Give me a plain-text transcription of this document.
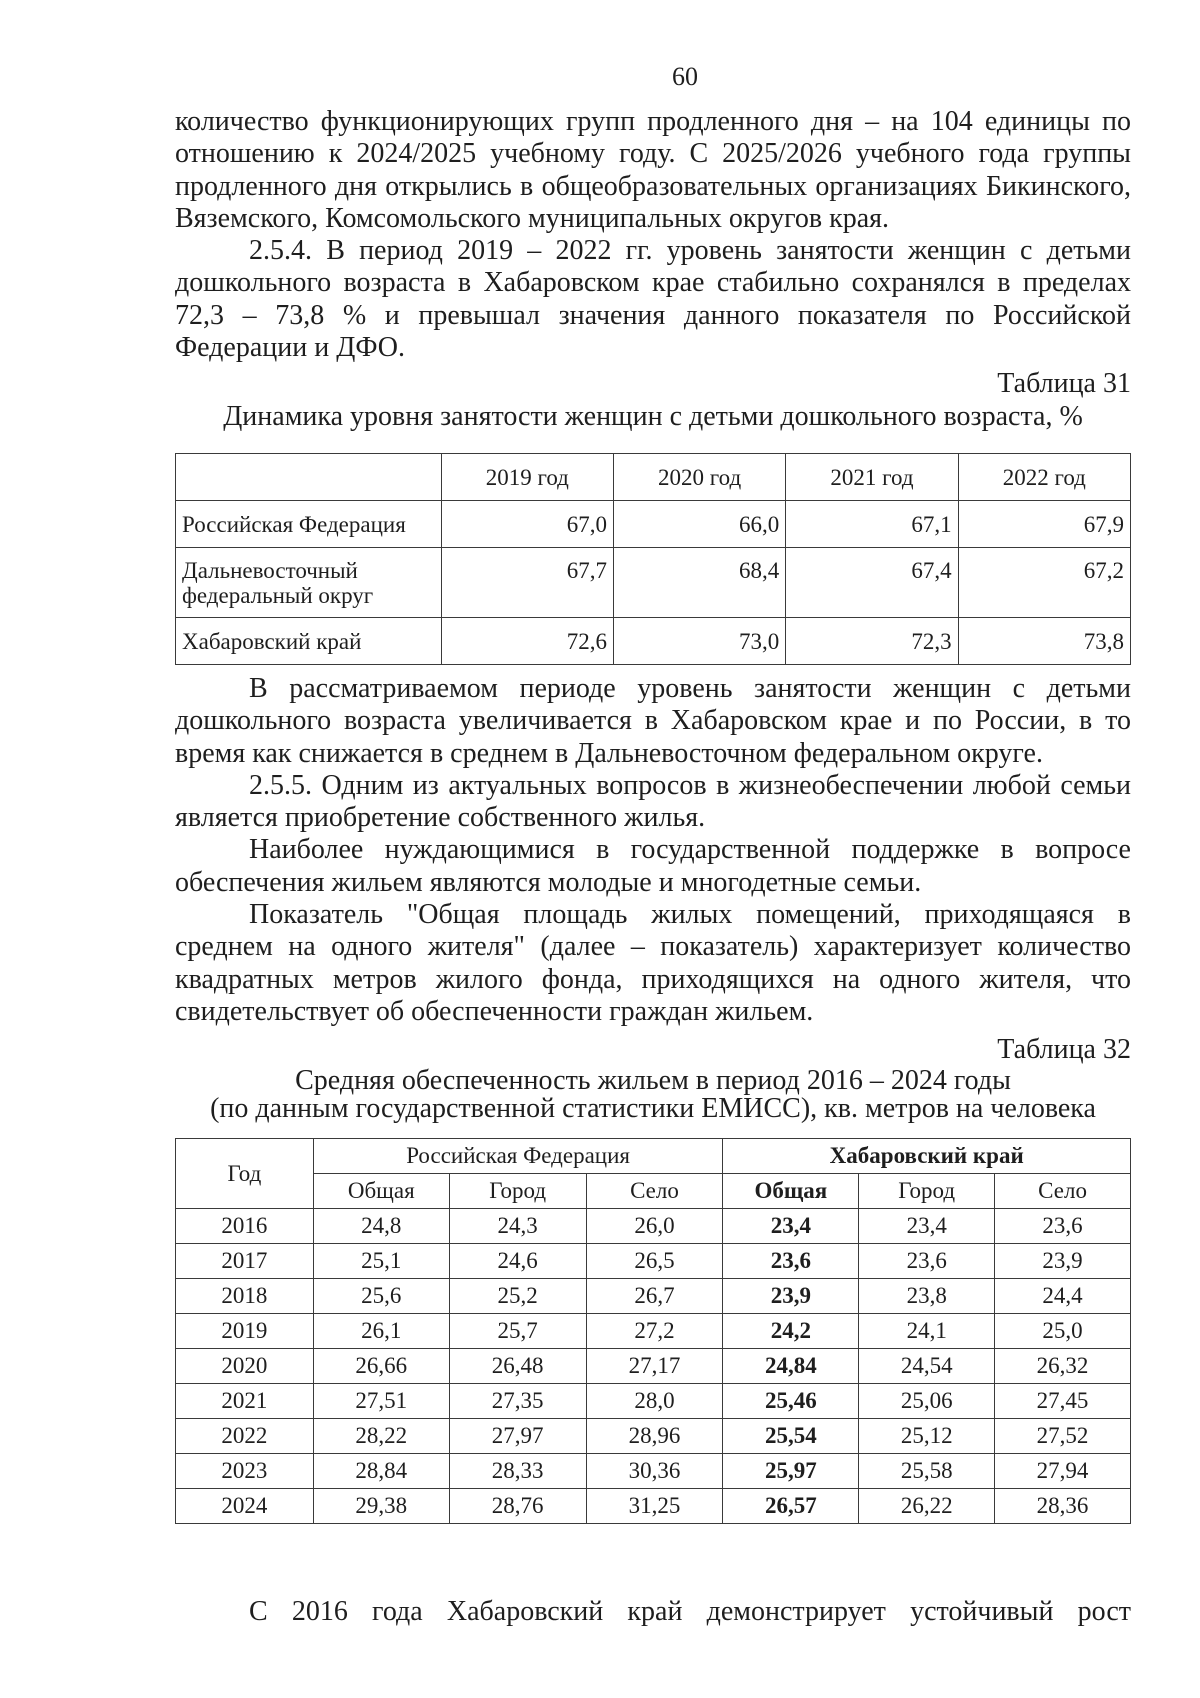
60

количество функционирующих групп продленного дня – на 104 единицы по отношению к 2024/2025 учебному году. С 2025/2026 учебного года группы продленного дня открылись в общеобразовательных организациях Бикинского, Вяземского, Комсомольского муниципальных округов края.

2.5.4. В период 2019 – 2022 гг. уровень занятости женщин с детьми дошкольного возраста в Хабаровском крае стабильно сохранялся в пределах 72,3 – 73,8 % и превышал значения данного показателя по Российской Федерации и ДФО.

Таблица 31

Динамика уровня занятости женщин с детьми дошкольного возраста, %

	2019 год	2020 год	2021 год	2022 год
Российская Федерация	67,0	66,0	67,1	67,9
Дальневосточный федеральный округ	67,7	68,4	67,4	67,2
Хабаровский край	72,6	73,0	72,3	73,8

В рассматриваемом периоде уровень занятости женщин с детьми дошкольного возраста увеличивается в Хабаровском крае и по России, в то время как снижается в среднем в Дальневосточном федеральном округе.

2.5.5. Одним из актуальных вопросов в жизнеобеспечении любой семьи является приобретение собственного жилья.

Наиболее нуждающимися в государственной поддержке в вопросе обеспечения жильем являются молодые и многодетные семьи.

Показатель "Общая площадь жилых помещений, приходящаяся в среднем на одного жителя" (далее – показатель) характеризует количество квадратных метров жилого фонда, приходящихся на одного жителя, что свидетельствует об обеспеченности граждан жильем.

Таблица 32

Средняя обеспеченность жильем в период 2016 – 2024 годы

(по данным государственной статистики ЕМИСС), кв. метров на человека

Год	Российская Федерация			Хабаровский край		
	Общая	Город	Село	Общая	Город	Село
2016	24,8	24,3	26,0	23,4	23,4	23,6
2017	25,1	24,6	26,5	23,6	23,6	23,9
2018	25,6	25,2	26,7	23,9	23,8	24,4
2019	26,1	25,7	27,2	24,2	24,1	25,0
2020	26,66	26,48	27,17	24,84	24,54	26,32
2021	27,51	27,35	28,0	25,46	25,06	27,45
2022	28,22	27,97	28,96	25,54	25,12	27,52
2023	28,84	28,33	30,36	25,97	25,58	27,94
2024	29,38	28,76	31,25	26,57	26,22	28,36

С 2016 года Хабаровский край демонстрирует устойчивый рост
